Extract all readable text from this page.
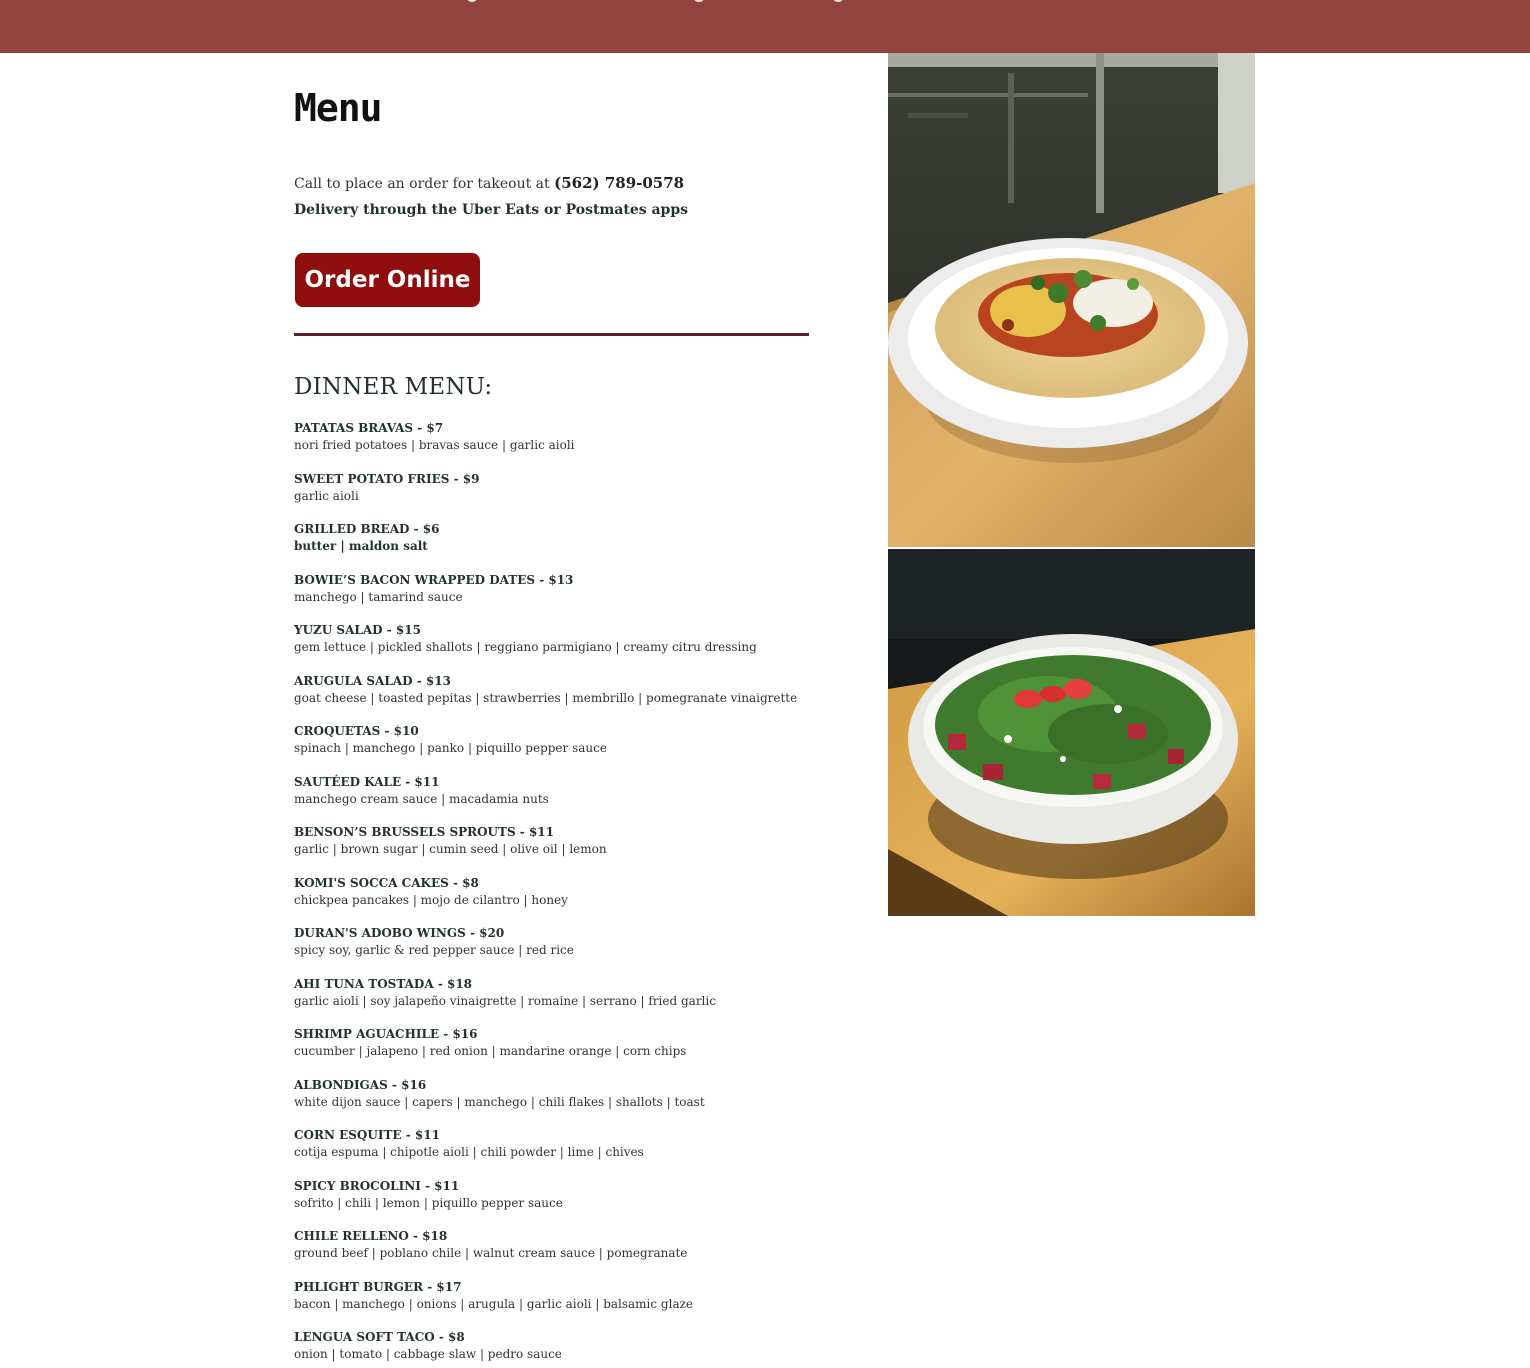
Menu
Call to place an order for takeout at (562) 789-0578
Delivery through the Uber Eats or Postmates apps
Order Online
DINNER MENU:
PATATAS BRAVAS - $7
nori fried potatoes | bravas sauce | garlic aioli
SWEET POTATO FRIES - $9
garlic aioli
GRILLED BREAD - $6
butter | maldon salt
BOWIE’S BACON WRAPPED DATES - $13
manchego | tamarind sauce
YUZU SALAD - $15
gem lettuce | pickled shallots | reggiano parmigiano | creamy citru dressing
ARUGULA SALAD - $13
goat cheese | toasted pepitas | strawberries | membrillo | pomegranate vinaigrette
CROQUETAS - $10
spinach | manchego | panko | piquillo pepper sauce
SAUTÉED KALE - $11
manchego cream sauce | macadamia nuts
BENSON’S BRUSSELS SPROUTS - $11
garlic | brown sugar | cumin seed | olive oil | lemon
KOMI'S SOCCA CAKES - $8
chickpea pancakes | mojo de cilantro | honey
DURAN'S ADOBO WINGS - $20
spicy soy, garlic & red pepper sauce | red rice
AHI TUNA TOSTADA - $18
garlic aioli | soy jalapeño vinaigrette | romaine | serrano | fried garlic
SHRIMP AGUACHILE - $16
cucumber | jalapeno | red onion | mandarine orange | corn chips
ALBONDIGAS - $16
white dijon sauce | capers | manchego | chili flakes | shallots | toast
CORN ESQUITE - $11
cotija espuma | chipotle aioli | chili powder | lime | chives
SPICY BROCOLINI - $11
sofrito | chili | lemon | piquillo pepper sauce
CHILE RELLENO - $18
ground beef | poblano chile | walnut cream sauce | pomegranate
PHLIGHT BURGER - $17
bacon | manchego | onions | arugula | garlic aioli | balsamic glaze
LENGUA SOFT TACO - $8
onion | tomato | cabbage slaw | pedro sauce
